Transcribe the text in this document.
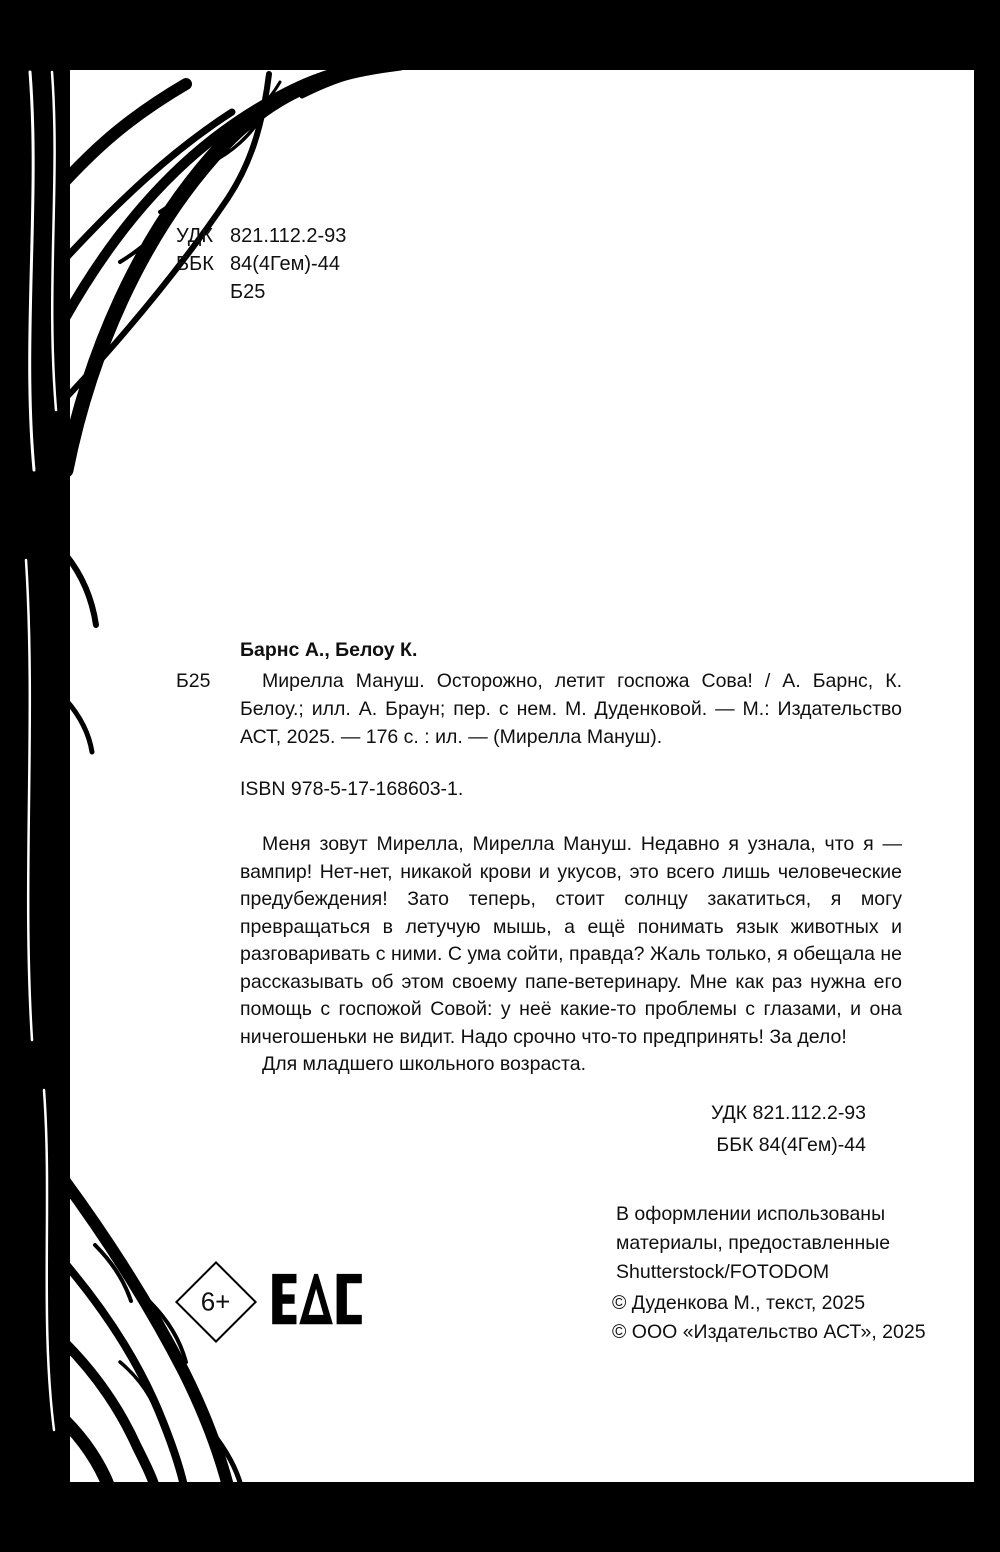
УДК 821.112.2-93
ББК 84(4Гем)-44
Б25
Барнс А., Белоу К.
Б25	Мирелла Мануш. Осторожно, летит госпожа Сова! / А. Барнс, К. Белоу.; илл. А. Браун; пер. с нем. М. Дуденковой. — М.: Издательство АСТ, 2025. — 176 с. : ил. — (Мирелла Мануш).

ISBN 978-5-17-168603-1.

Меня зовут Мирелла, Мирелла Мануш. Недавно я узнала, что я — вампир! Нет-нет, никакой крови и укусов, это всего лишь человеческие предубеждения! Зато теперь, стоит солнцу закатиться, я могу превращаться в летучую мышь, а ещё понимать язык животных и разговаривать с ними. С ума сойти, правда? Жаль только, я обещала не рассказывать об этом своему папе-ветеринару. Мне как раз нужна его помощь с госпожой Совой: у неё какие-то проблемы с глазами, и она ничегошеньки не видит. Надо срочно что-то предпринять! За дело!

Для младшего школьного возраста.

УДК 821.112.2-93
ББК 84(4Гем)-44
В оформлении использованы
материалы, предоставленные
Shutterstock/FOTODOM
© Дуденкова М., текст, 2025
© ООО «Издательство АСТ», 2025
6+
